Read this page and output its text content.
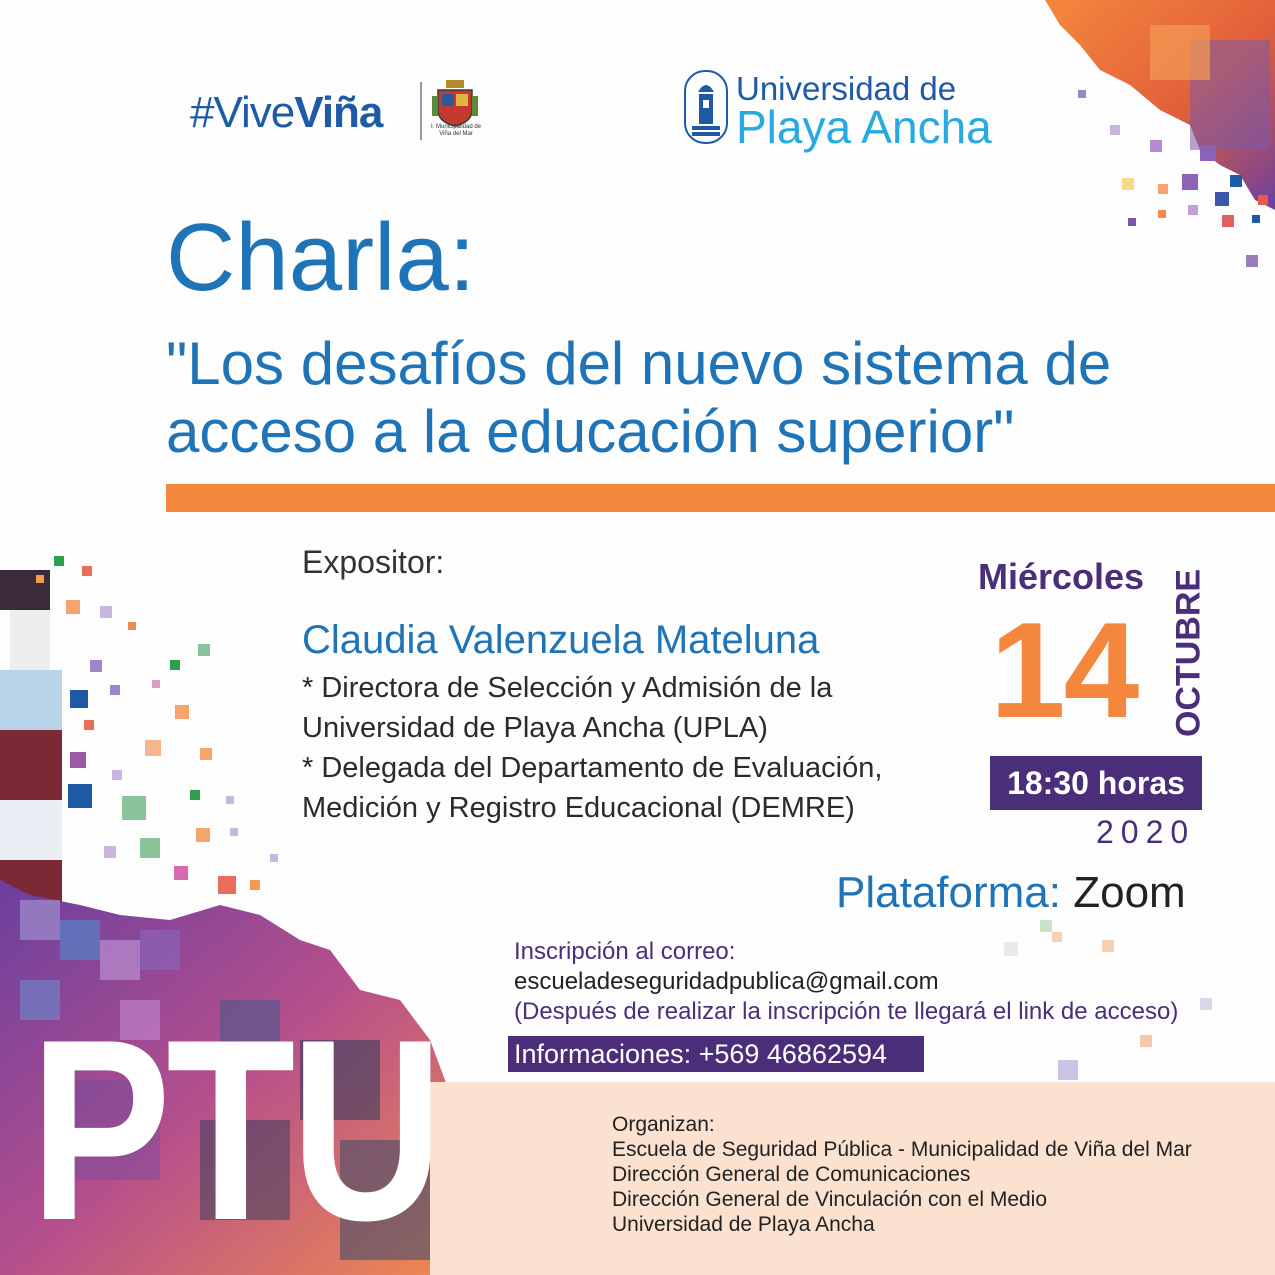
#ViveViña	I. Municipalidad de Viña del Mar
Universidad de
Playa Ancha
Charla:
"Los desafíos del nuevo sistema de
acceso a la educación superior"
Expositor:
Claudia Valenzuela Mateluna
* Directora de Selección y Admisión de la
Universidad de Playa Ancha (UPLA)
* Delegada del Departamento de Evaluación,
Medición y Registro Educacional (DEMRE)
Miércoles
14 OCTUBRE
18:30 horas
2020
Plataforma: Zoom
Inscripción al correo:
escueladeseguridadpublica@gmail.com
(Después de realizar la inscripción te llegará el link de acceso)
Informaciones: +569 46862594
Organizan:
Escuela de Seguridad Pública - Municipalidad de Viña del Mar
Dirección General de Comunicaciones
Dirección General de Vinculación con el Medio
Universidad de Playa Ancha
PTU
